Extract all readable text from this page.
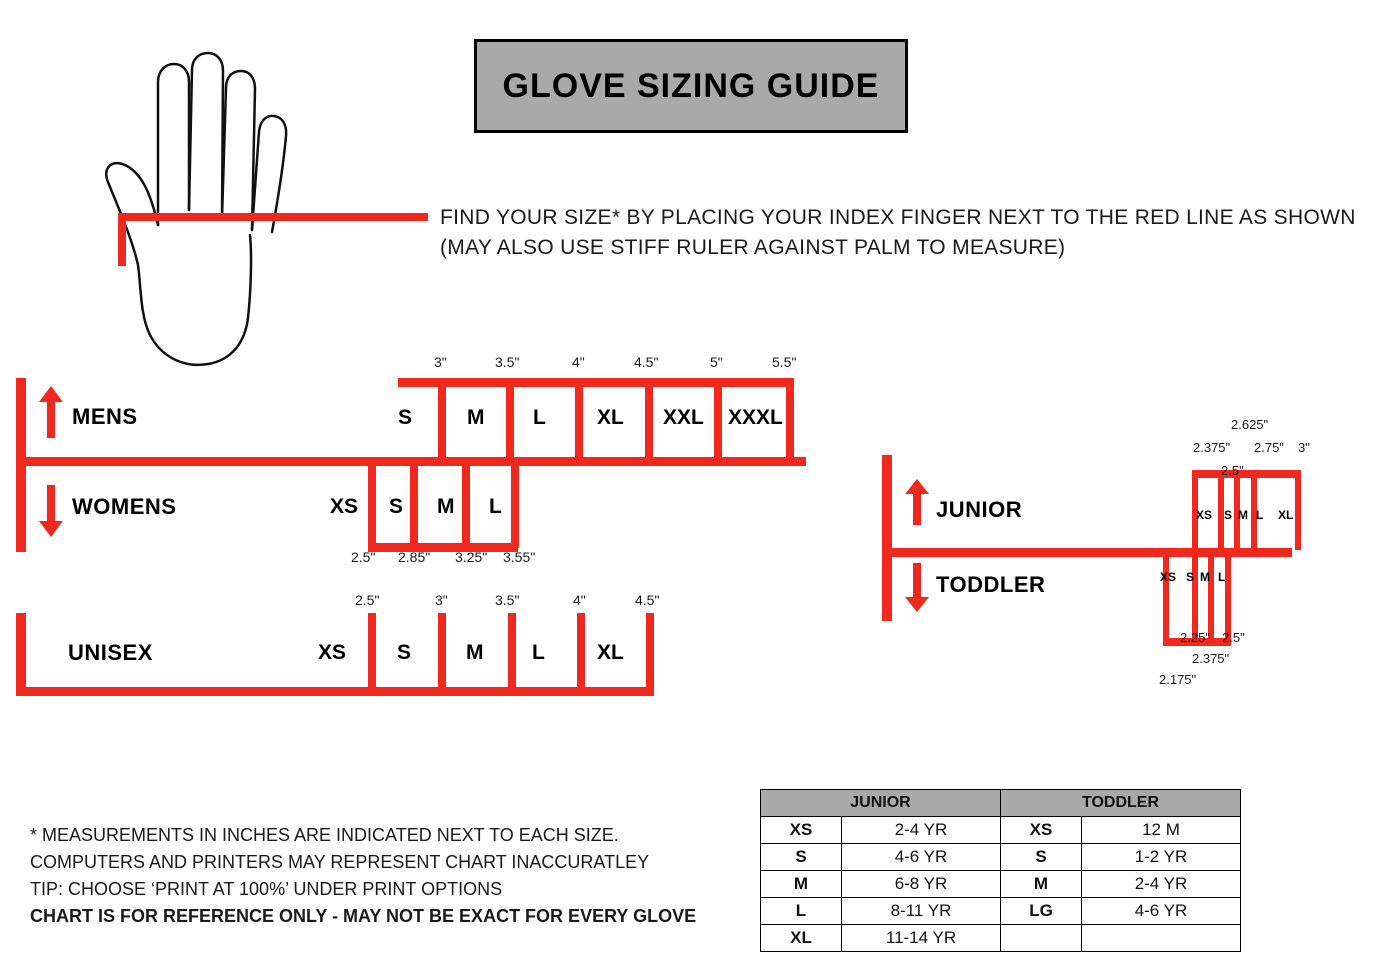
GLOVE SIZING GUIDE
FIND YOUR SIZE* BY PLACING YOUR INDEX FINGER NEXT TO THE RED LINE AS SHOWN
(MAY ALSO USE STIFF RULER AGAINST PALM TO MEASURE)
MENS
3"	3.5"	4"	4.5"	5"	5.5"
S	M L XL XXL XXXL
WOMENS	XS S M L
2.5" 2.85" 3.25" 3.55"
UNISEX
2.5"	3"	3.5"	4"	4.5"
XS S	M L XL
JUNIOR
2.375"
2.5"
2.625"
2.75" 3"
XS S M L XL
TODDLER	XS S M L
2.175"
2.25"
2.375"
2.5"
* MEASUREMENTS IN INCHES ARE INDICATED NEXT TO EACH SIZE.
COMPUTERS AND PRINTERS MAY REPRESENT CHART INACCURATLEY
TIP: CHOOSE ‘PRINT AT 100%’ UNDER PRINT OPTIONS
CHART IS FOR REFERENCE ONLY - MAY NOT BE EXACT FOR EVERY GLOVE
JUNIOR		TODDLER	
XS	2-4 YR	XS	12 M
S	4-6 YR	S	1-2 YR
M	6-8 YR	M	2-4 YR
L	8-11 YR	LG	4-6 YR
XL	11-14 YR		
